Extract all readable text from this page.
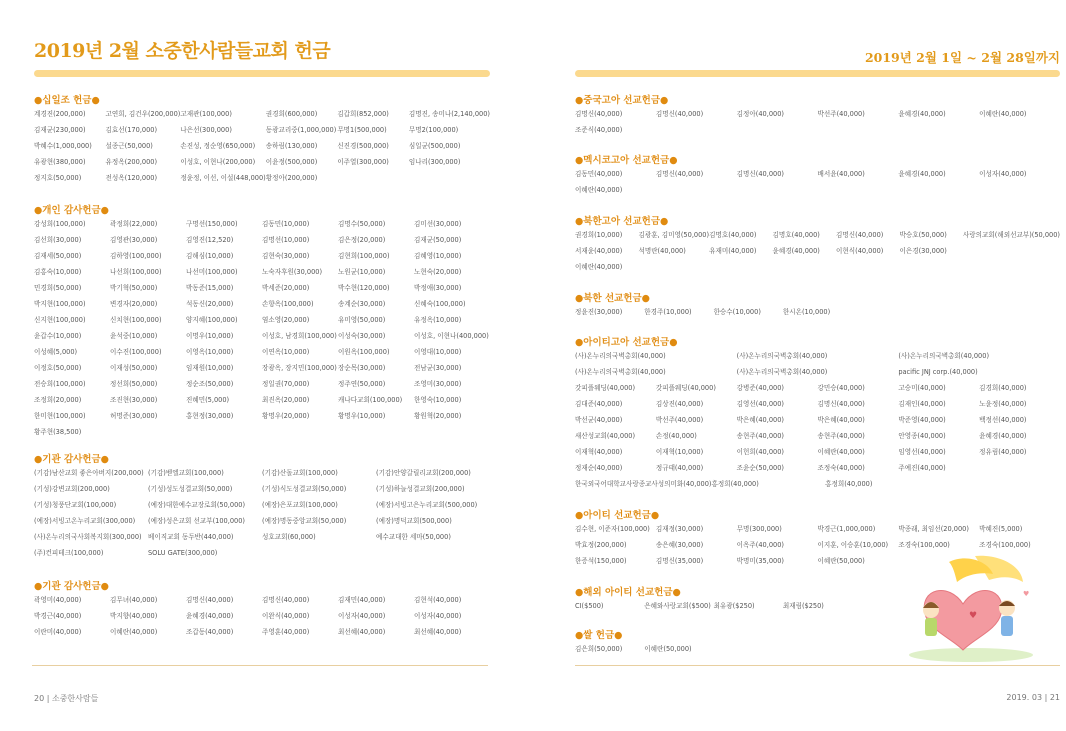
2019년 2월 소중한사람들교회 헌금
●십일조 헌금●
계경진(200,000)	고연희, 김건우(200,000) 고재관(100,000)	권경희(600,000)	김갑희(852,000)	김명진, 송미나(2,140,000)
김재균(230,000)	김효선(170,000)	나은선(300,000)	동광교리중(1,000,000) 무명1(500,000)	무명2(100,000)
박혜수(1,000,000)	설종근(50,000)	손진성, 정순영(650,000)	송하림(130,000)	신진경(500,000)	심일균(500,000)
유광현(380,000)	유정옥(200,000)	이성호, 이현나(200,000)	이윤정(500,000)	이주열(300,000)	임나리(300,000)
정지호(50,000)	전성옥(120,000)	정윤정, 이선, 이설(448,000) 황정아(200,000)
●개인 감사헌금●
강성희(100,000)	곽정희(22,000)	구명선(150,000)	김동민(10,000)	김명수(50,000)	김미선(30,000)
김선희(30,000)	김영관(30,000)	김영진(12,520)	김명선(10,000)	김은정(20,000)	김재균(50,000)
김재세(50,000)	김하영(100,000)	김해심(10,000)	김현숙(30,000)	김현희(100,000)	김혜영(10,000)
김홍숙(10,000)	나선희(100,000)	나선미(100,000)	노숙자후원(30,000)	노원균(10,000)	노현숙(20,000)
민경희(50,000)	박기혁(50,000)	박동준(15,000)	박세준(20,000)	박수현(120,000)	박정애(30,000)
박지현(100,000)	변경자(20,000)	석동신(20,000)	손향옥(100,000)	송계순(30,000)	신혜숙(100,000)
신지현(100,000)	신치현(100,000)	양지혜(100,000)	염소영(20,000)	유미영(50,000)	유정옥(10,000)
윤갑수(10,000)	윤석중(10,000)	이명우(10,000)	이성호, 남경희(100,000) 이성숙(30,000)	이성호, 이현나(400,000)
이성혜(5,000)	이수진(100,000)	이영옥(10,000)	이연옥(10,000)	이원옥(100,000)	이영대(10,000)
이정호(50,000)	이재성(50,000)	임재원(10,000)	장광옥, 장지민(100,000) 장순목(30,000)	전남균(30,000)
전승희(100,000)	정선희(50,000)	정순조(50,000)	정일권(70,000)	정주연(50,000)	조영미(30,000)
조정희(20,000)	조진현(30,000)	진혜민(5,000)	최진옥(20,000)	캐나다교회(100,000)	한영숙(10,000)
한미현(100,000)	허명준(30,000)	홍현정(30,000)	황명우(20,000)	황명우(10,000)	황원혁(20,000)
황주현(38,500)
●기관 감사헌금●
(기감)남산교회 좋은아버지(200,000) (기감)벧엘교회(100,000)	(기감)산돌교회(100,000)	(기감)안양갈릴리교회(200,000)
(기성)강변교회(200,000)	(기성)성도성결교회(50,000)	(기성)식도성결교회(50,000)	(기성)하늘성결교회(200,000)
(기성)청풍단교회(100,000)	(예장)대한예수교장로회(50,000)	(예장)은포교회(100,000)	(예장)서빙고은누리교회(500,000)
(예장)서빙고온누리교회(300,000)	(예장)성은교회 선교부(100,000)	(예장)명동중앙교회(50,000)	(예장)명덕교회(500,000)
(사)온누리의국사회복지회(300,000) 베이직교회 동두반(440,000)	성호교회(60,000)	예수교대한 세마(50,000)
(주)컨피테크(100,000)	SOLU GATE(300,000)
●기관 감사헌금●
곽영미(40,000)	김무녀(40,000)	김명신(40,000)	김명신(40,000)	김재민(40,000)	김현석(40,000)
박경근(40,000)	박지향(40,000)	윤혜경(40,000)	이완식(40,000)	이성자(40,000)	이성자(40,000)
이란미(40,000)	이혜란(40,000)	조갑동(40,000)	주영훈(40,000)	최선혜(40,000)	최선혜(40,000)
20 | 소중한사람들
2019년 2월 1일 ~ 2월 28일까지
●중국고아 선교헌금●
김명신(40,000)	김명신(40,000)	김정아(40,000)	박선주(40,000)	윤혜경(40,000)	이혜란(40,000)
조준식(40,000)
●멕시코고아 선교헌금●
김동민(40,000)	김명신(40,000)	김명신(40,000)	배서윤(40,000)	윤혜경(40,000)	이성자(40,000)
이혜란(40,000)
●북한고아 선교헌금●
권경희(10,000)	김광훈, 김미영(50,000) 김명호(40,000)	김명호(40,000)	김명신(40,000)	박승호(50,000)	사랑의교회(해외선교부)(50,000)
서재윤(40,000)	석명란(40,000)	유재미(40,000)	윤혜경(40,000)	이현식(40,000)	이은경(30,000)
이혜란(40,000)
●북한 선교헌금●
정윤진(30,000)	한경주(10,000)	한승수(10,000)	한시온(10,000)
●아이티고아 선교헌금●
(사)온누리의국벽총회(40,000)	(사)온누리의국벽총회(40,000)	(사)온누리의국벽총회(40,000)
(사)온누리의국벽총회(40,000)	(사)온누리의국벽총회(40,000)	pacific JNJ corp.(40,000)
갓피플웨딩(40,000)	갓피플웨딩(40,000)	강병준(40,000)	강민승(40,000)	고승미(40,000)	김경희(40,000)
김대준(40,000)	김상진(40,000)	김영선(40,000)	김명신(40,000)	김재인(40,000)	노윤정(40,000)
박선균(40,000)	박선주(40,000)	박은혜(40,000)	박은혜(40,000)	박준영(40,000)	백정선(40,000)
새산성교회(40,000)	손정(40,000)	송현주(40,000)	송현주(40,000)	안영종(40,000)	윤혜경(40,000)
이재혁(40,000)	이재혁(10,000)	이헌희(40,000)	이혜란(40,000)	임영선(40,000)	정유림(40,000)
정재순(40,000)	정규태(40,000)	조윤순(50,000)	조정숙(40,000)	주예진(40,000)
한국외국어대학교사랑종교사성의미화(40,000) 홍정희(40,000)	홍정희(40,000)
●아이티 선교헌금●
김수현, 이준자(100,000) 김재정(30,000)	무명(300,000)	박경근(1,000,000)	박종래, 최임선(20,000)	박혜진(5,000)
박효정(200,000)	송은혜(30,000)	이옥주(40,000)	이지훈, 이승훈(10,000)	조경숙(100,000)	조경숙(100,000)
한증석(150,000)	김명신(35,000)	박명미(35,000)	이혜란(50,000)
●해외 아이티 선교헌금●
CI($500)	은혜와사랑교회($500) 최유광($250)	최재림($250)
●쌀 헌금●
김은희(50,000)	이혜란(50,000)
2019. 03 | 21
♥
♥
